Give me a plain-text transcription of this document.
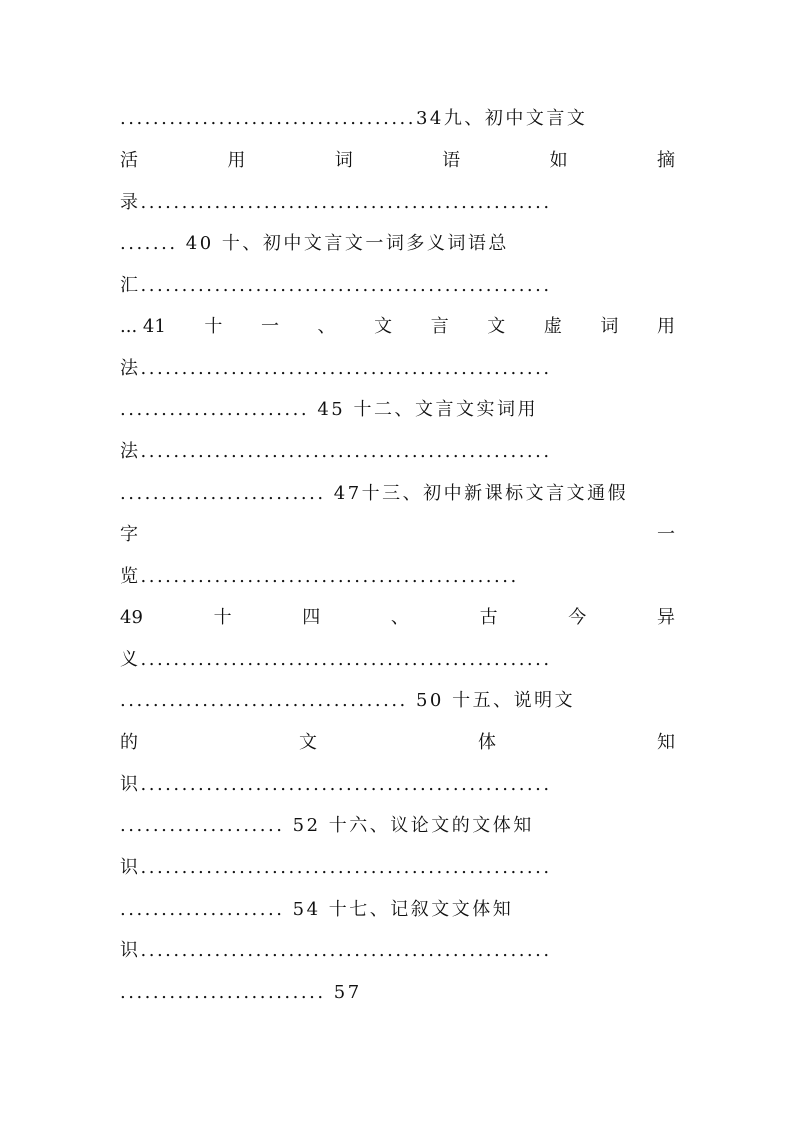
....................................34九、初中文言文
活	用	词	语	如	摘
录..................................................
....... 40 十、初中文言文一词多义词语总
汇..................................................
... 41 十 一 、 文 言 文 虚 词 用
法..................................................
....................... 45 十二、文言文实词用
法..................................................
......................... 47十三、初中新课标文言文通假
字	一
览..............................................
49	十	四	、	古	今	异
义..................................................
................................... 50 十五、说明文
的	文	体	知
识..................................................
.................... 52 十六、议论文的文体知
识..................................................
.................... 54 十七、记叙文文体知
识..................................................
......................... 57
